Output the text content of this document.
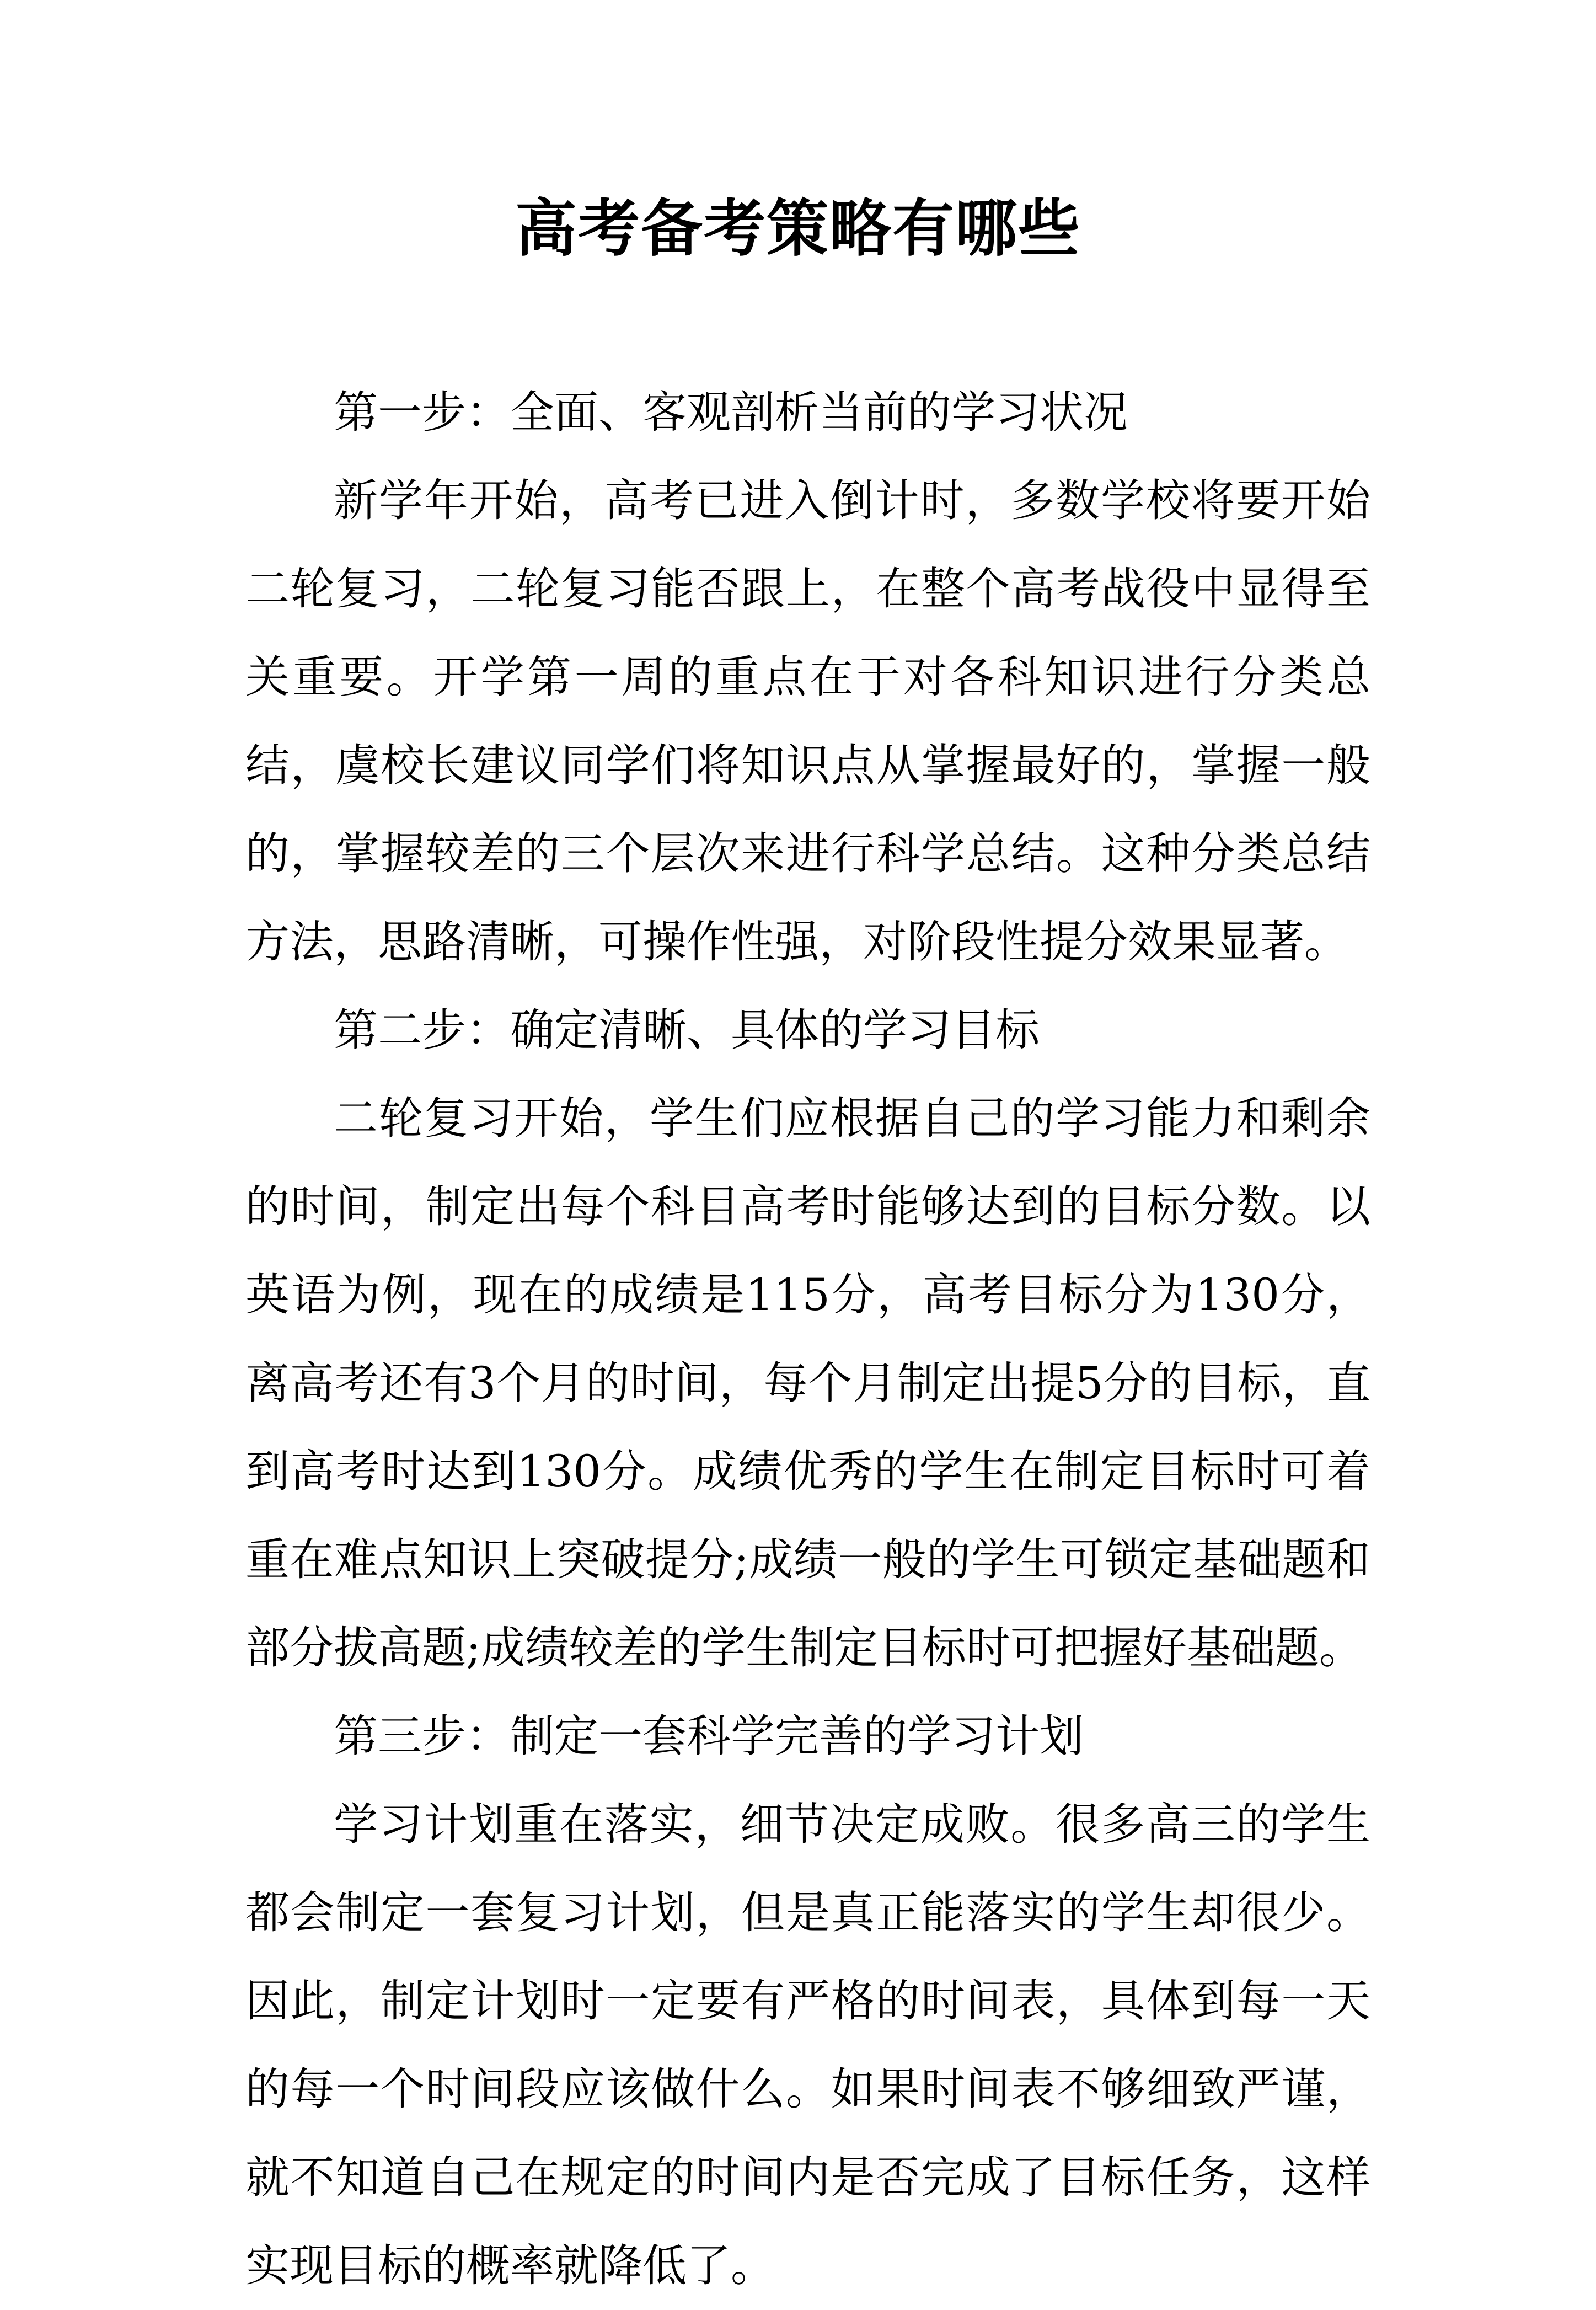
高考备考策略有哪些

第一步：全面、客观剖析当前的学习状况

新学年开始，高考已进入倒计时，多数学校将要开始二轮复习，二轮复习能否跟上，在整个高考战役中显得至关重要。开学第一周的重点在于对各科知识进行分类总结，虞校长建议同学们将知识点从掌握最好的，掌握一般的，掌握较差的三个层次来进行科学总结。这种分类总结方法，思路清晰，可操作性强，对阶段性提分效果显著。

第二步：确定清晰、具体的学习目标

二轮复习开始，学生们应根据自己的学习能力和剩余的时间，制定出每个科目高考时能够达到的目标分数。以英语为例，现在的成绩是115分，高考目标分为130分，离高考还有3个月的时间，每个月制定出提5分的目标，直到高考时达到130分。成绩优秀的学生在制定目标时可着重在难点知识上突破提分;成绩一般的学生可锁定基础题和部分拔高题;成绩较差的学生制定目标时可把握好基础题。

第三步：制定一套科学完善的学习计划

学习计划重在落实，细节决定成败。很多高三的学生都会制定一套复习计划，但是真正能落实的学生却很少。因此，制定计划时一定要有严格的时间表，具体到每一天的每一个时间段应该做什么。如果时间表不够细致严谨，就不知道自己在规定的时间内是否完成了目标任务，这样实现目标的概率就降低了。
